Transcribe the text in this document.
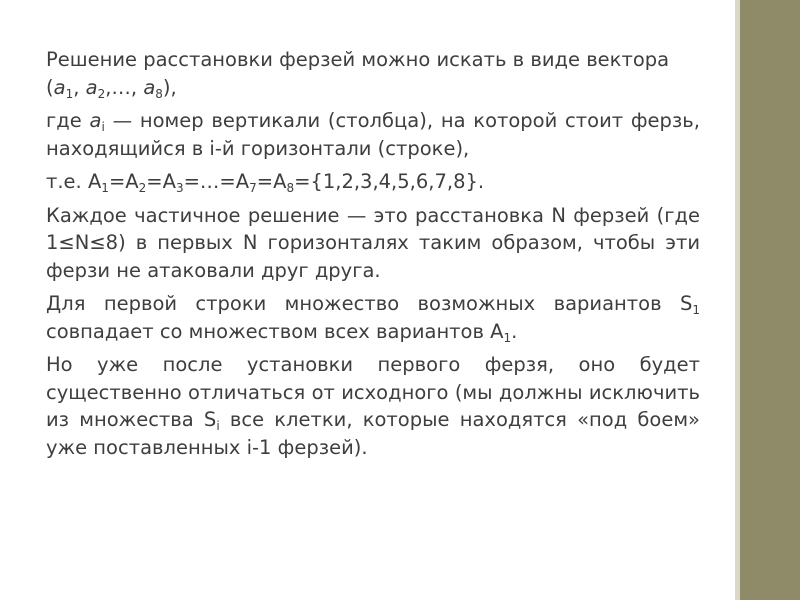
Решение расстановки ферзей можно искать в виде вектора ($a_1$, $a_2,\dots$, $a_8$),

где $a_i$ — номер вертикали (столбца), на которой стоит ферзь, находящийся в i-й горизонтали (строке),

т.е. $A_1=A_2=A_3=\dots=A_7=A_8=\{1,2,3,4,5,6,7,8\}$.

Каждое частичное решение — это расстановка N ферзей (где 1≤N≤8) в первых N горизонталях таким образом, чтобы эти ферзи не атаковали друг друга.

Для первой строки множество возможных вариантов $S_1$ совпадает со множеством всех вариантов $A_1$.

Но уже после установки первого ферзя, оно будет существенно отличаться от исходного (мы должны исключить из множества $S_i$ все клетки, которые находятся «под боем» уже поставленных i-1 ферзей).
